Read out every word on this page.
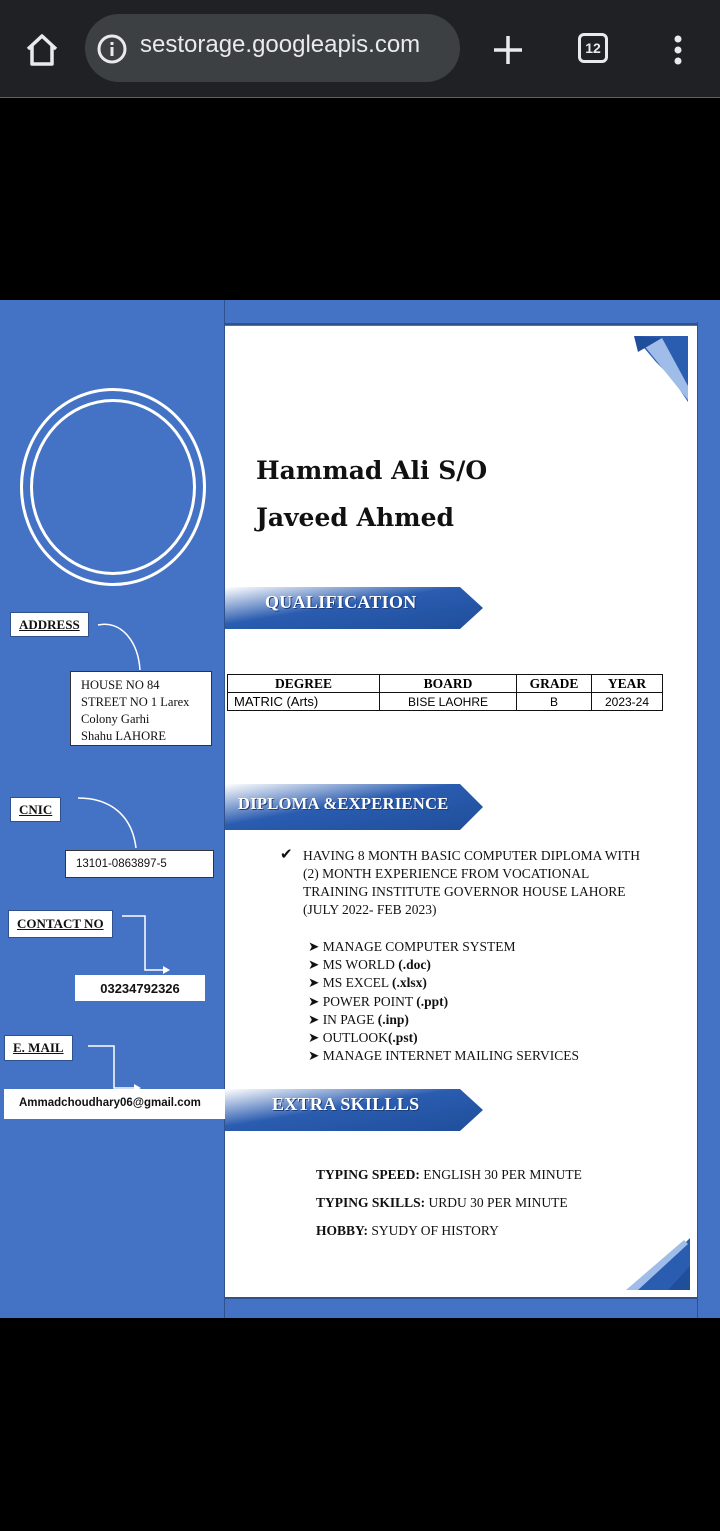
sestorage.googleapis.com	12
ADDRESS
HOUSE NO 84
STREET NO 1 Larex
Colony Garhi
Shahu LAHORE
CNIC
13101-0863897-5
CONTACT NO
03234792326
E. MAIL
Ammadchoudhary06@gmail.com
Hammad Ali S/O
Javeed Ahmed
QUALIFICATION
DIPLOMA &EXPERIENCE
EXTRA SKILLLS
DEGREE	BOARD	GRADE	YEAR
MATRIC (Arts)	BISE LAOHRE	B	2023-24
✔ HAVING 8 MONTH BASIC COMPUTER DIPLOMA WITH
(2) MONTH EXPERIENCE FROM VOCATIONAL
TRAINING INSTITUTE GOVERNOR HOUSE LAHORE
(JULY 2022- FEB 2023)
➤ MANAGE COMPUTER SYSTEM
➤ MS WORLD (.doc)
➤ MS EXCEL (.xlsx)
➤ POWER POINT (.ppt)
➤ IN PAGE (.inp)
➤ OUTLOOK(.pst)
➤ MANAGE INTERNET MAILING SERVICES
TYPING SPEED: ENGLISH 30 PER MINUTE
TYPING SKILLS: URDU 30 PER MINUTE
HOBBY: SYUDY OF HISTORY
